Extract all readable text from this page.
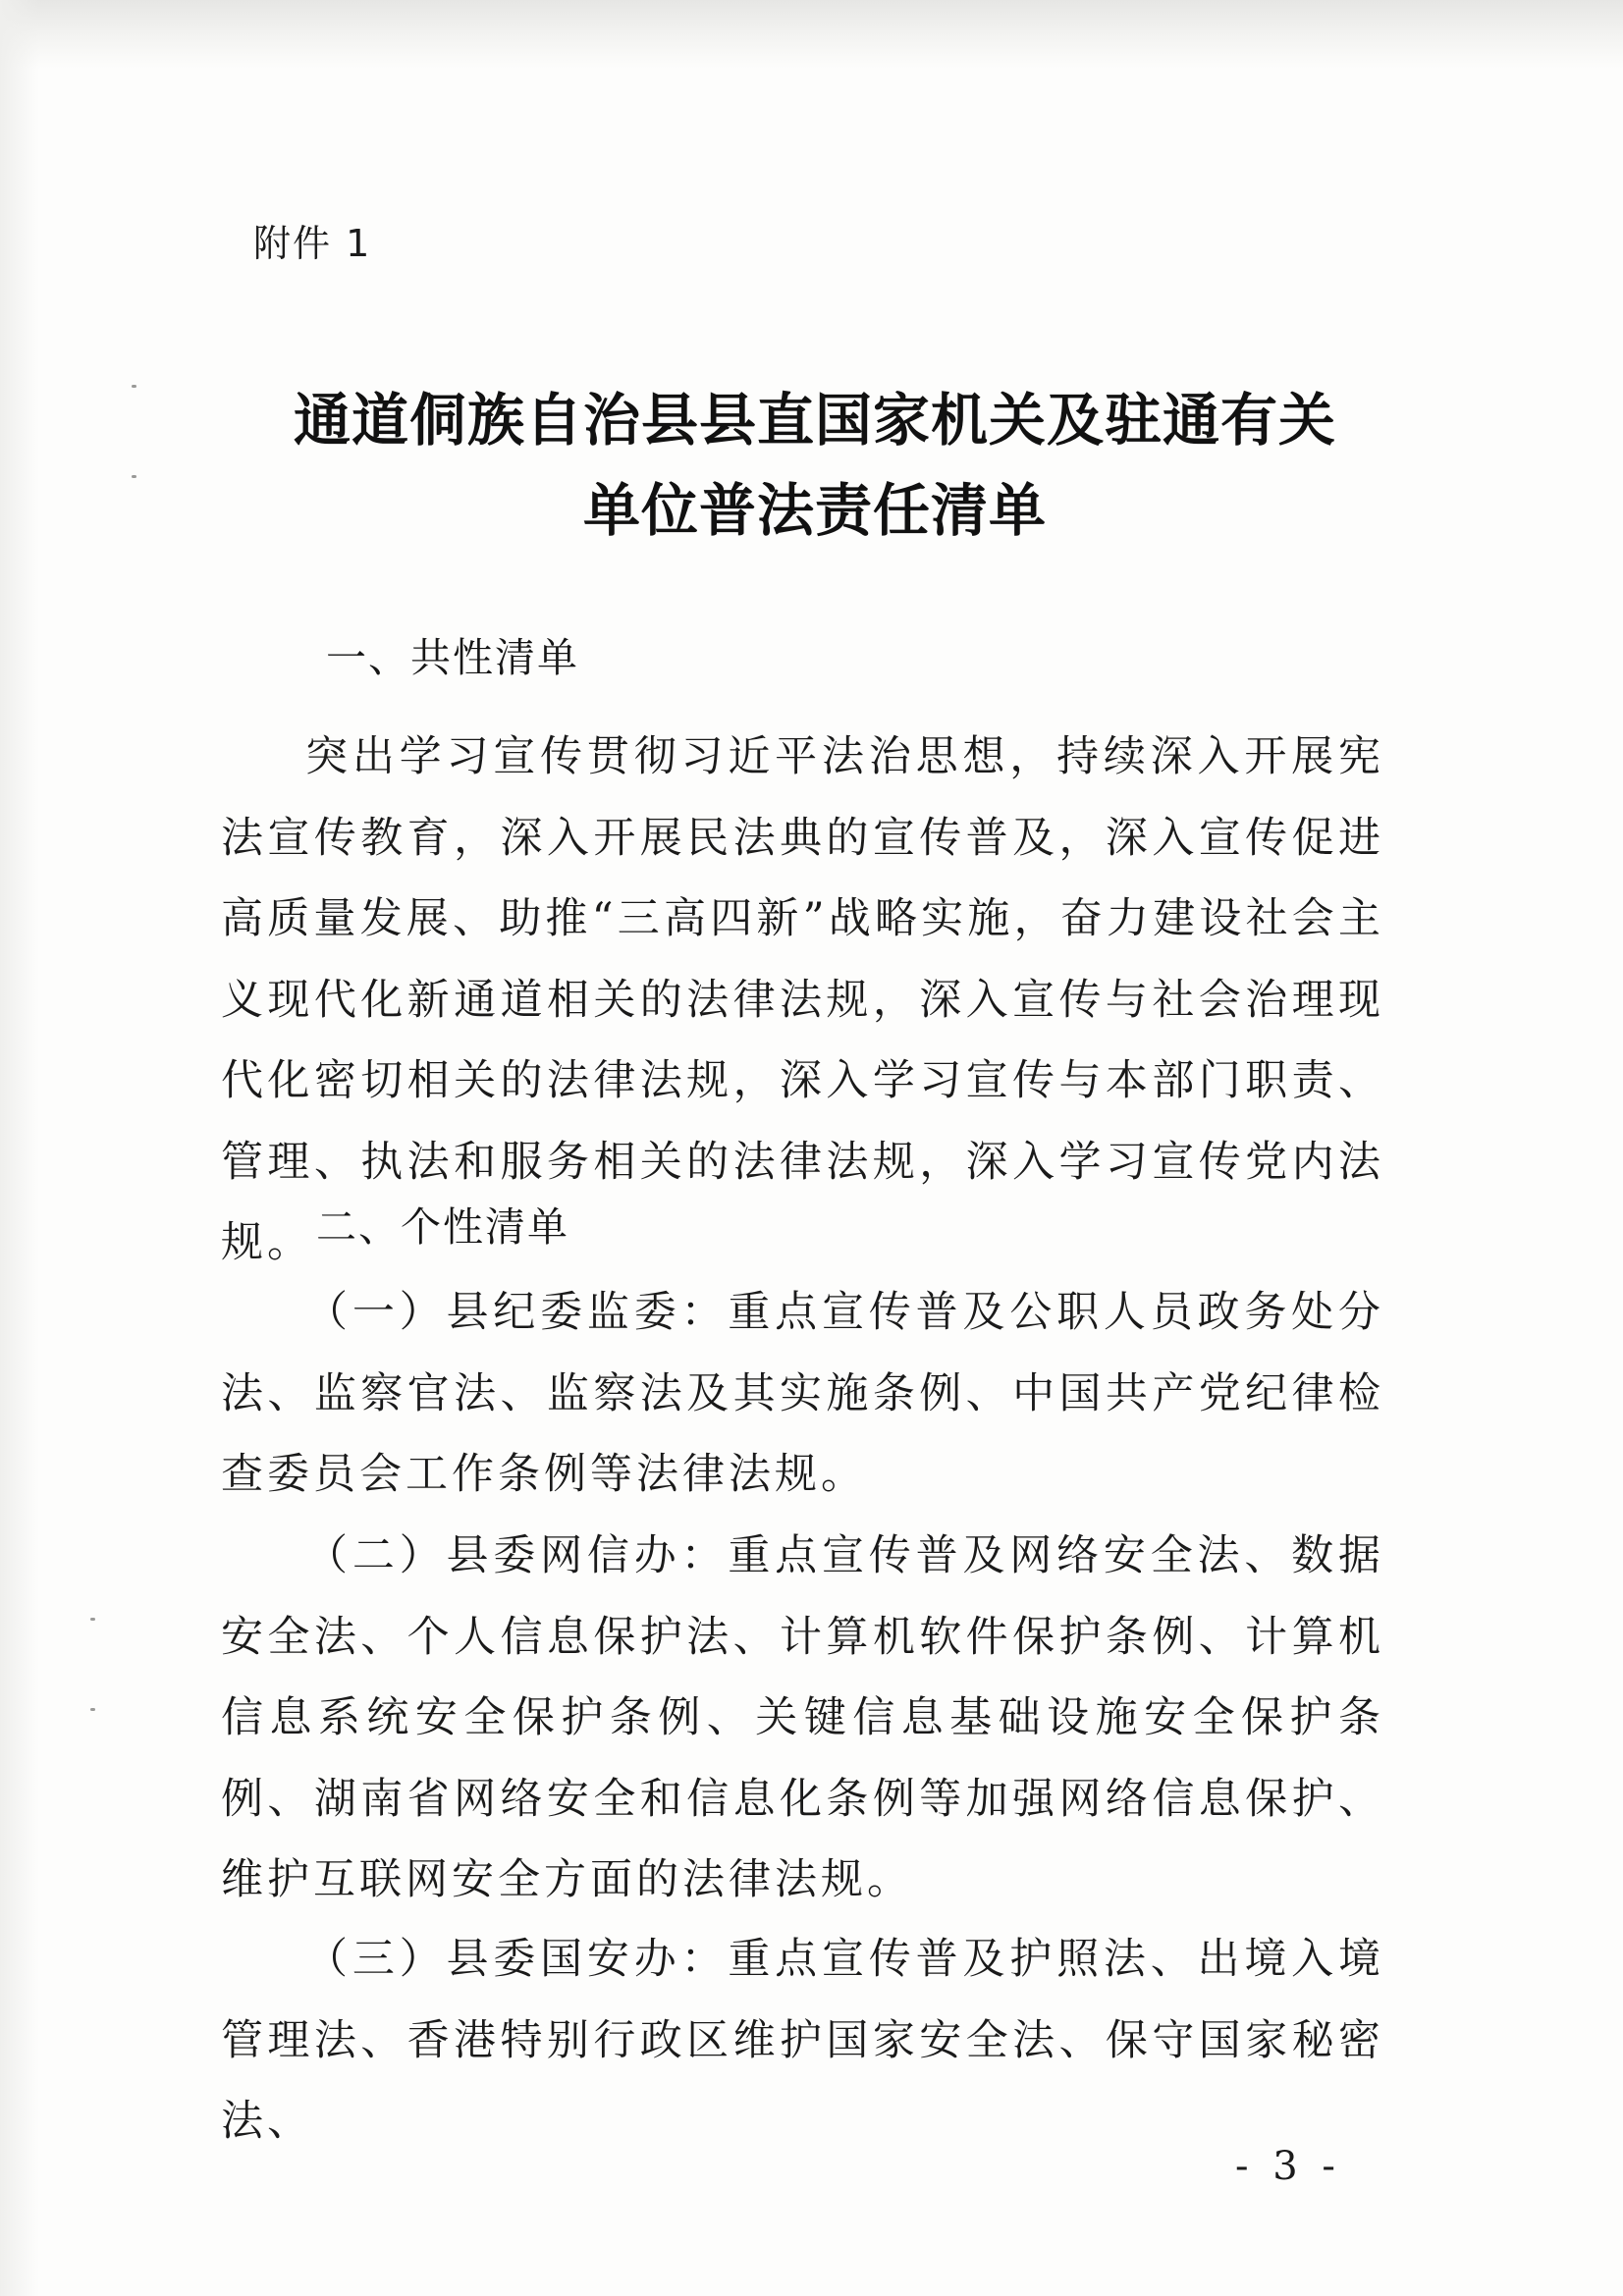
附件 1
通道侗族自治县县直国家机关及驻通有关
单位普法责任清单
一、共性清单
突出学习宣传贯彻习近平法治思想，持续深入开展宪法宣传教育，深入开展民法典的宣传普及，深入宣传促进高质量发展、助推“三高四新”战略实施，奋力建设社会主义现代化新通道相关的法律法规，深入宣传与社会治理现代化密切相关的法律法规，深入学习宣传与本部门职责、管理、执法和服务相关的法律法规，深入学习宣传党内法规。 二、个性清单
（一）县纪委监委：重点宣传普及公职人员政务处分法、监察官法、监察法及其实施条例、中国共产党纪律检查委员会工作条例等法律法规。
（二）县委网信办：重点宣传普及网络安全法、数据安全法、个人信息保护法、计算机软件保护条例、计算机信息系统安全保护条例、关键信息基础设施安全保护条例、湖南省网络安全和信息化条例等加强网络信息保护、维护互联网安全方面的法律法规。
（三）县委国安办：重点宣传普及护照法、出境入境管理法、香港特别行政区维护国家安全法、保守国家秘密法、
- 3 -
